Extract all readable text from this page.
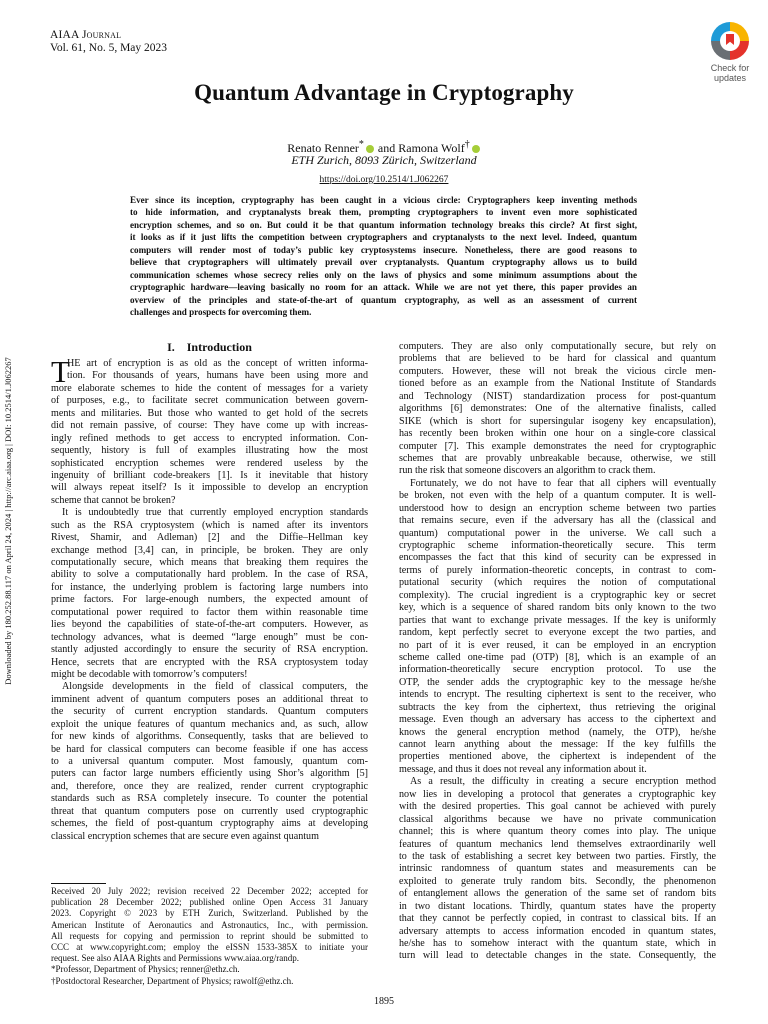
AIAA Journal
Vol. 61, No. 5, May 2023
Check for
updates
Quantum Advantage in Cryptography
Renato Renner* and Ramona Wolf†
ETH Zurich, 8093 Zürich, Switzerland
https://doi.org/10.2514/1.J062267
Ever since its inception, cryptography has been caught in a vicious circle: Cryptographers keep inventing methods
to hide information, and cryptanalysts break them, prompting cryptographers to invent even more sophisticated
encryption schemes, and so on. But could it be that quantum information technology breaks this circle? At first sight,
it looks as if it just lifts the competition between cryptographers and cryptanalysts to the next level. Indeed, quantum
computers will render most of today’s public key cryptosystems insecure. Nonetheless, there are good reasons to
believe that cryptographers will ultimately prevail over cryptanalysts. Quantum cryptography allows us to build
communication schemes whose secrecy relies only on the laws of physics and some minimum assumptions about the
cryptographic hardware—leaving basically no room for an attack. While we are not yet there, this paper provides an
overview of the principles and state-of-the-art of quantum cryptography, as well as an assessment of current
challenges and prospects for overcoming them.
Downloaded by 180.252.88.117 on April 24, 2024 | http://arc.aiaa.org | DOI: 10.2514/1.J062267
I. Introduction
HE art of encryption is as old as the concept of written informa-
tion. For thousands of years, humans have been using more and
more elaborate schemes to hide the content of messages for a variety
of purposes, e.g., to facilitate secret communication between govern-
ments and militaries. But those who wanted to get hold of the secrets
did not remain passive, of course: They have come up with increas-
ingly refined methods to get access to encrypted information. Con-
sequently, history is full of examples illustrating how the most
sophisticated encryption schemes were rendered useless by the
ingenuity of brilliant code-breakers [1]. Is it inevitable that history
will always repeat itself? Is it impossible to develop an encryption
scheme that cannot be broken?
It is undoubtedly true that currently employed encryption standards
such as the RSA cryptosystem (which is named after its inventors
Rivest, Shamir, and Adleman) [2] and the Diffie–Hellman key
exchange method [3,4] can, in principle, be broken. They are only
computationally secure, which means that breaking them requires the
ability to solve a computationally hard problem. In the case of RSA,
for instance, the underlying problem is factoring large numbers into
prime factors. For large-enough numbers, the expected amount of
computational power required to factor them within reasonable time
lies beyond the capabilities of state-of-the-art computers. However, as
technology advances, what is deemed “large enough” must be con-
stantly adjusted accordingly to ensure the security of RSA encryption.
Hence, secrets that are encrypted with the RSA cryptosystem today
might be decodable with tomorrow’s computers!
Alongside developments in the field of classical computers, the
imminent advent of quantum computers poses an additional threat to
the security of current encryption standards. Quantum computers
exploit the unique features of quantum mechanics and, as such, allow
for new kinds of algorithms. Consequently, tasks that are believed to
be hard for classical computers can become feasible if one has access
to a universal quantum computer. Most famously, quantum com-
puters can factor large numbers efficiently using Shor’s algorithm [5]
and, therefore, once they are realized, render current cryptographic
standards such as RSA completely insecure. To counter the potential
threat that quantum computers pose on currently used cryptographic
schemes, the field of post-quantum cryptography aims at developing
classical encryption schemes that are secure even against quantum
computers. They are also only computationally secure, but rely on
problems that are believed to be hard for classical and quantum
computers. However, these will not break the vicious circle men-
tioned before as an example from the National Institute of Standards
and Technology (NIST) standardization process for post-quantum
algorithms [6] demonstrates: One of the alternative finalists, called
SIKE (which is short for supersingular isogeny key encapsulation),
has recently been broken within one hour on a single-core classical
computer [7]. This example demonstrates the need for cryptographic
schemes that are provably unbreakable because, otherwise, we still
run the risk that someone discovers an algorithm to crack them.
Fortunately, we do not have to fear that all ciphers will eventually
be broken, not even with the help of a quantum computer. It is well-
understood how to design an encryption scheme between two parties
that remains secure, even if the adversary has all the (classical and
quantum) computational power in the universe. We call such a
cryptographic scheme information-theoretically secure. This term
encompasses the fact that this kind of security can be expressed in
terms of purely information-theoretic concepts, in contrast to com-
putational security (which requires the notion of computational
complexity). The crucial ingredient is a cryptographic key or secret
key, which is a sequence of shared random bits only known to the two
parties that want to exchange private messages. If the key is uniformly
random, kept perfectly secret to everyone except the two parties, and
no part of it is ever reused, it can be employed in an encryption
scheme called one-time pad (OTP) [8], which is an example of an
information-theoretically secure encryption protocol. To use the
OTP, the sender adds the cryptographic key to the message he/she
intends to encrypt. The resulting ciphertext is sent to the receiver, who
subtracts the key from the ciphertext, thus retrieving the original
message. Even though an adversary has access to the ciphertext and
knows the general encryption method (namely, the OTP), he/she
cannot learn anything about the message: If the key fulfills the
properties mentioned above, the ciphertext is independent of the
message, and thus it does not reveal any information about it.
As a result, the difficulty in creating a secure encryption method
now lies in developing a protocol that generates a cryptographic key
with the desired properties. This goal cannot be achieved with purely
classical algorithms because we have no private communication
channel; this is where quantum theory comes into play. The unique
features of quantum mechanics lend themselves extraordinarily well
to the task of establishing a secret key between two parties. Firstly, the
intrinsic randomness of quantum states and measurements can be
exploited to generate truly random bits. Secondly, the phenomenon
of entanglement allows the generation of the same set of random bits
in two distant locations. Thirdly, quantum states have the property
that they cannot be perfectly copied, in contrast to classical bits. If an
adversary attempts to access information encoded in quantum states,
he/she has to somehow interact with the quantum state, which in
turn will lead to detectable changes in the state. Consequently, the
Received 20 July 2022; revision received 22 December 2022; accepted for
publication 28 December 2022; published online Open Access 31 January
2023. Copyright © 2023 by ETH Zurich, Switzerland. Published by the
American Institute of Aeronautics and Astronautics, Inc., with permission.
All requests for copying and permission to reprint should be submitted to
CCC at www.copyright.com; employ the eISSN 1533-385X to initiate your
request. See also AIAA Rights and Permissions www.aiaa.org/randp.
*Professor, Department of Physics; renner@ethz.ch.
†Postdoctoral Researcher, Department of Physics; rawolf@ethz.ch.
1895
T
